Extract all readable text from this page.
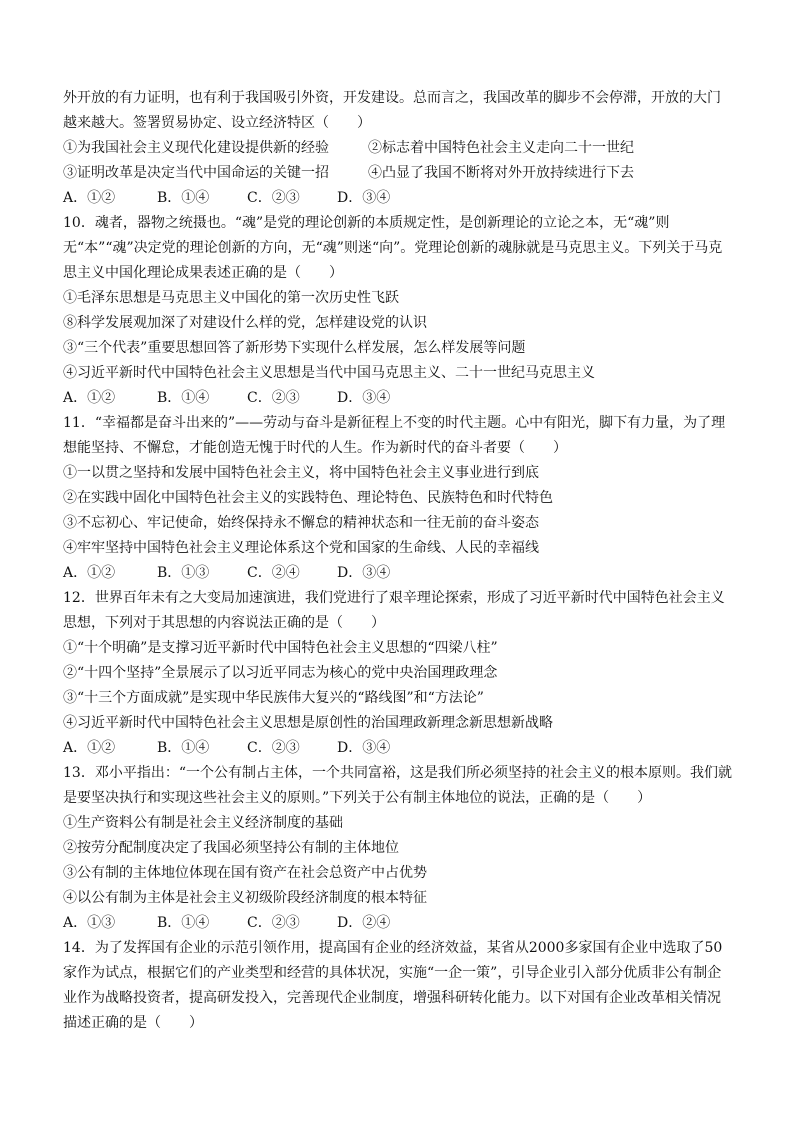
外开放的有力证明，也有利于我国吸引外资，开发建设。总而言之，我国改革的脚步不会停滞，开放的大门越来越大。签署贸易协定、设立经济特区（　　）

①为我国社会主义现代化建设提供新的经验	②标志着中国特色社会主义走向二十一世纪
③证明改革是决定当代中国命运的关键一招	④凸显了我国不断将对外开放持续进行下去
A．①②	B．①④	C．②③	D．③④

10．魂者，器物之统摄也。“魂”是党的理论创新的本质规定性，是创新理论的立论之本，无“魂”则无“本”“魂”决定党的理论创新的方向，无“魂”则迷“向”。党理论创新的魂脉就是马克思主义。下列关于马克思主义中国化理论成果表述正确的是（　　）

①毛泽东思想是马克思主义中国化的第一次历史性飞跃

⑧科学发展观加深了对建设什么样的党，怎样建设党的认识

③“三个代表”重要思想回答了新形势下实现什么样发展，怎么样发展等问题

④习近平新时代中国特色社会主义思想是当代中国马克思主义、二十一世纪马克思主义

A．①②	B．①④	C．②③	D．③④

11．“幸福都是奋斗出来的”——劳动与奋斗是新征程上不变的时代主题。心中有阳光，脚下有力量，为了理想能坚持、不懈怠，才能创造无愧于时代的人生。作为新时代的奋斗者要（　　）

①一以贯之坚持和发展中国特色社会主义，将中国特色社会主义事业进行到底

②在实践中固化中国特色社会主义的实践特色、理论特色、民族特色和时代特色

③不忘初心、牢记使命，始终保持永不懈怠的精神状态和一往无前的奋斗姿态

④牢牢坚持中国特色社会主义理论体系这个党和国家的生命线、人民的幸福线

A．①②	B．①③	C．②④	D．③④

12．世界百年未有之大变局加速演进，我们党进行了艰辛理论探索，形成了习近平新时代中国特色社会主义思想，下列对于其思想的内容说法正确的是（　　）

①“十个明确”是支撑习近平新时代中国特色社会主义思想的“四梁八柱”

②“十四个坚持”全景展示了以习近平同志为核心的党中央治国理政理念

③“十三个方面成就”是实现中华民族伟大复兴的“路线图”和“方法论”

④习近平新时代中国特色社会主义思想是原创性的治国理政新理念新思想新战略

A．①②	B．①④	C．②③	D．③④

13．邓小平指出：“一个公有制占主体，一个共同富裕，这是我们所必须坚持的社会主义的根本原则。我们就是要坚决执行和实现这些社会主义的原则。”下列关于公有制主体地位的说法，正确的是（　　）

①生产资料公有制是社会主义经济制度的基础

②按劳分配制度决定了我国必须坚持公有制的主体地位

③公有制的主体地位体现在国有资产在社会总资产中占优势

④以公有制为主体是社会主义初级阶段经济制度的根本特征

A．①③	B．①④	C．②③	D．②④

14．为了发挥国有企业的示范引领作用，提高国有企业的经济效益，某省从2000多家国有企业中选取了50家作为试点，根据它们的产业类型和经营的具体状况，实施“一企一策”，引导企业引入部分优质非公有制企业作为战略投资者，提高研发投入，完善现代企业制度，增强科研转化能力。以下对国有企业改革相关情况描述正确的是（　　）
